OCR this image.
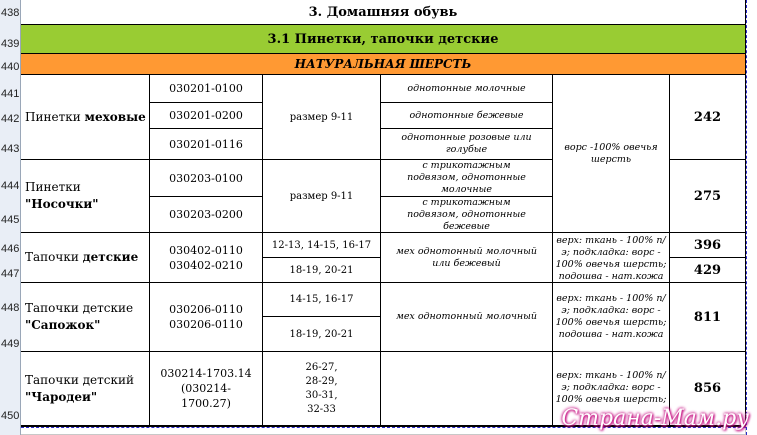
438
439
440
441
442
443
444
445
446
447
448
449
450
3. Домашняя обувь
3.1 Пинетки, тапочки детские
НАТУРАЛЬНАЯ ШЕРСТЬ
Пинетки меховые
030201-0100
030201-0200
030201-0116
размер 9-11
однотонные молочные
однотонные бежевые
однотонные розовые или голубые
242
ворс -100% овечья шерсть
Пинетки
"Носочки"
030203-0100
030203-0200
размер 9-11
с трикотажным подвязом, однотонные молочные
с трикотажным подвязом, однотонные бежевые
275
Тапочки детские	030402-0110 030402-0210
12-13, 14-15, 16-17
18-19, 20-21
мех однотонный молочный или бежевый
верх: ткань - 100% п/э; подкладка: ворс - 100% овечья шерсть; подошва - нат.кожа
396
429
Тапочки детские
"Сапожок"
030206-0110 030206-0110
14-15, 16-17
18-19, 20-21
мех однотонный молочный
верх: ткань - 100% п/э; подкладка: ворс - 100% овечья шерсть; подошва - нат.кожа
811
Тапочки детский
"Чародеи"
030214-1703.14 (030214-1700.27)
26-27, 28-29, 30-31, 32-33
верх: ткань - 100% п/э; подкладка: ворс - 100% овечья шерсть;
856
Страна-Мам.ру
